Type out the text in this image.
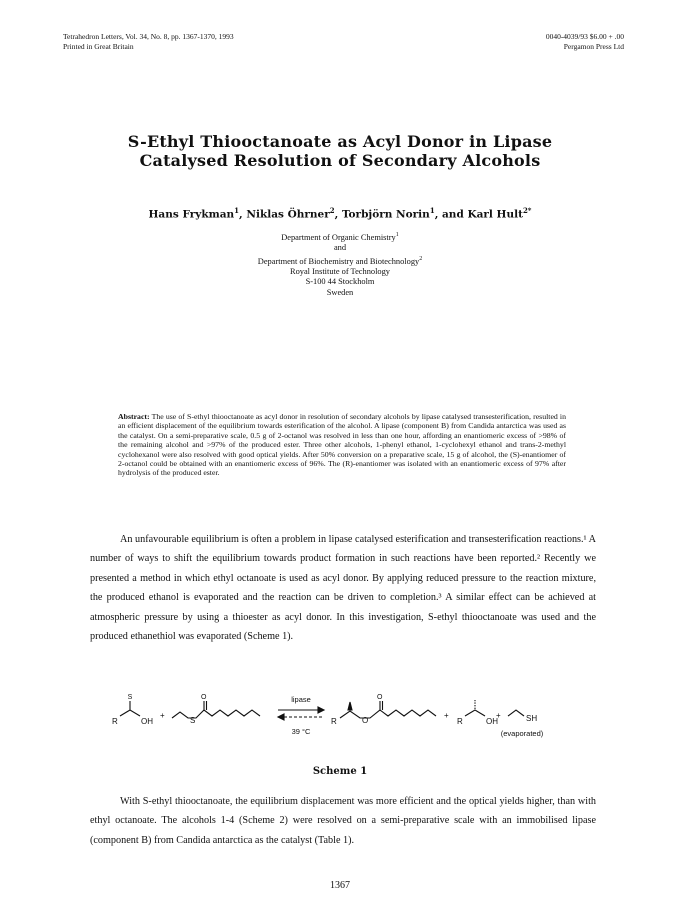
Tetrahedron Letters, Vol. 34, No. 8, pp. 1367-1370, 1993
Printed in Great Britain
0040-4039/93 $6.00 + .00
Pergamon Press Ltd
S-Ethyl Thiooctanoate as Acyl Donor in Lipase
Catalysed Resolution of Secondary Alcohols
Hans Frykman$^1$, Niklas Öhrner$^2$, Torbjörn Norin$^1$, and Karl Hult$^{2*}$
Department of Organic Chemistry$^1$
and
Department of Biochemistry and Biotechnology$^2$
Royal Institute of Technology
S-100 44 Stockholm
Sweden
Abstract: The use of S-ethyl thiooctanoate as acyl donor in resolution of secondary alcohols by lipase catalysed transesterification, resulted in an efficient displacement of the equilibrium towards esterification of the alcohol. A lipase (component B) from Candida antarctica was used as the catalyst. On a semi-preparative scale, 0.5 g of 2-octanol was resolved in less than one hour, affording an enantiomeric excess of >98% of the remaining alcohol and >97% of the produced ester. Three other alcohols, 1-phenyl ethanol, 1-cyclohexyl ethanol and trans-2-methyl cyclohexanol were also resolved with good optical yields. After 50% conversion on a preparative scale, 15 g of alcohol, the (S)-enantiomer of 2-octanol could be obtained with an enantiomeric excess of 96%. The (R)-enantiomer was isolated with an enantiomeric excess of 97% after hydrolysis of the produced ester.
An unfavourable equilibrium is often a problem in lipase catalysed esterification and transesterification reactions.¹ A number of ways to shift the equilibrium towards product formation in such reactions have been reported.² Recently we presented a method in which ethyl octanoate is used as acyl donor. By applying reduced pressure to the reaction mixture, the produced ethanol is evaporated and the reaction can be driven to completion.³ A similar effect can be achieved at atmospheric pressure by using a thioester as acyl donor. In this investigation, S-ethyl thiooctanoate was used and the produced ethanethiol was evaporated (Scheme 1).
S
R	OH
+
S
O	lipase
39 °C
R	O
O
+
R	OH
+	SH
(evaporated)
Scheme 1
With S-ethyl thiooctanoate, the equilibrium displacement was more efficient and the optical yields higher, than with ethyl octanoate. The alcohols 1-4 (Scheme 2) were resolved on a semi-preparative scale with an immobilised lipase (component B) from Candida antarctica as the catalyst (Table 1).
1367
